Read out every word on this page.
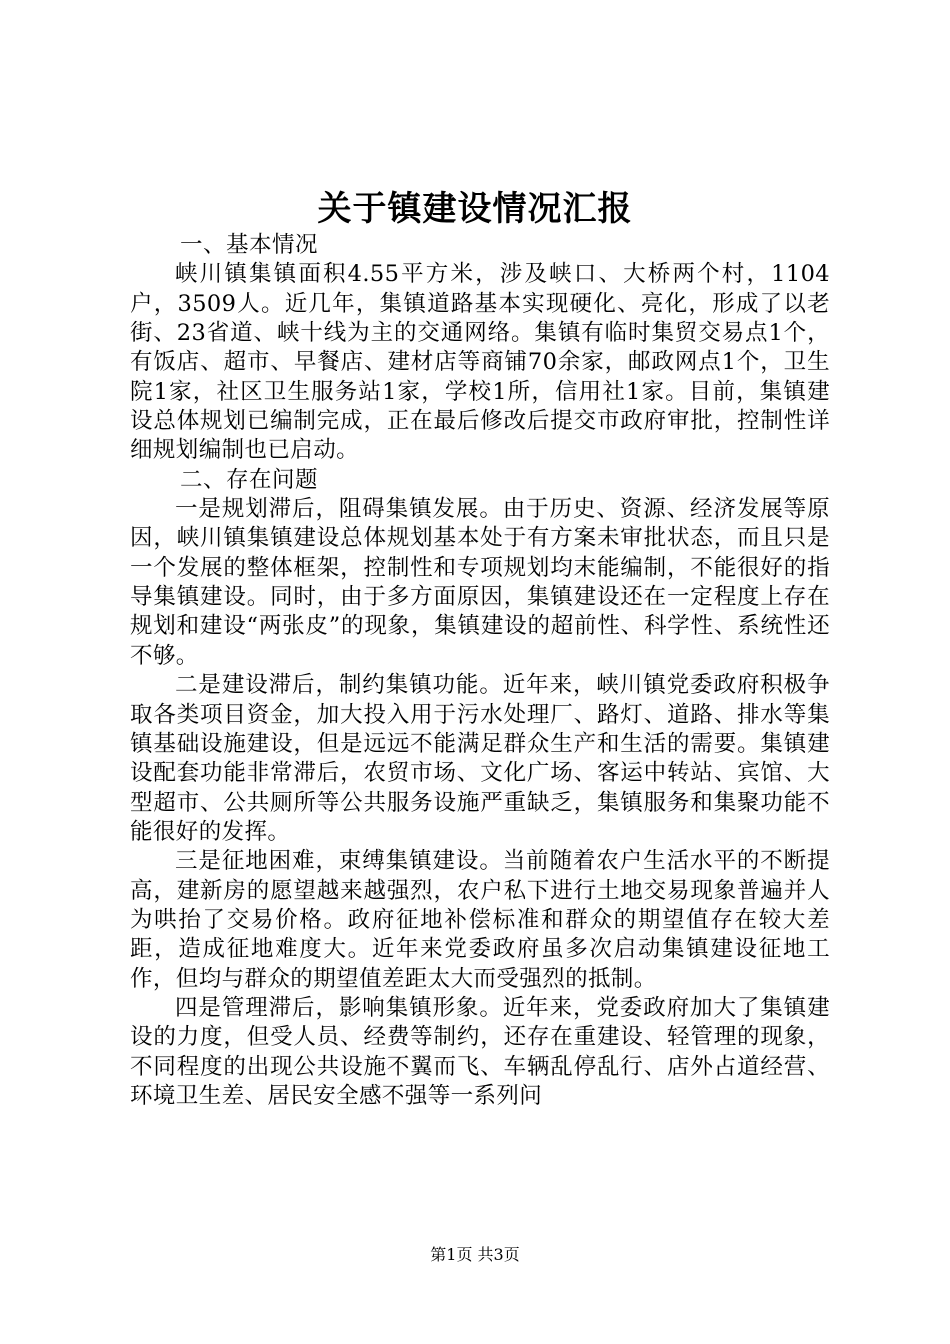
关于镇建设情况汇报

一、基本情况

峡川镇集镇面积4.55平方米，涉及峡口、大桥两个村，1104户，3509人。近几年，集镇道路基本实现硬化、亮化，形成了以老街、23省道、峡十线为主的交通网络。集镇有临时集贸交易点1个，有饭店、超市、早餐店、建材店等商铺70余家，邮政网点1个，卫生院1家，社区卫生服务站1家，学校1所，信用社1家。目前，集镇建设总体规划已编制完成，正在最后修改后提交市政府审批，控制性详细规划编制也已启动。

二、存在问题

一是规划滞后，阻碍集镇发展。由于历史、资源、经济发展等原因，峡川镇集镇建设总体规划基本处于有方案未审批状态，而且只是一个发展的整体框架，控制性和专项规划均末能编制，不能很好的指导集镇建设。同时，由于多方面原因，集镇建设还在一定程度上存在规划和建设“两张皮”的现象，集镇建设的超前性、科学性、系统性还不够。

二是建设滞后，制约集镇功能。近年来，峡川镇党委政府积极争取各类项目资金，加大投入用于污水处理厂、路灯、道路、排水等集镇基础设施建设，但是远远不能满足群众生产和生活的需要。集镇建设配套功能非常滞后，农贸市场、文化广场、客运中转站、宾馆、大型超市、公共厕所等公共服务设施严重缺乏，集镇服务和集聚功能不能很好的发挥。

三是征地困难，束缚集镇建设。当前随着农户生活水平的不断提高，建新房的愿望越来越强烈，农户私下进行土地交易现象普遍并人为哄抬了交易价格。政府征地补偿标准和群众的期望值存在较大差距，造成征地难度大。近年来党委政府虽多次启动集镇建设征地工作，但均与群众的期望值差距太大而受强烈的抵制。

四是管理滞后，影响集镇形象。近年来，党委政府加大了集镇建设的力度，但受人员、经费等制约，还存在重建设、轻管理的现象，不同程度的出现公共设施不翼而飞、车辆乱停乱行、店外占道经营、环境卫生差、居民安全感不强等一系列问

第1页 共3页
